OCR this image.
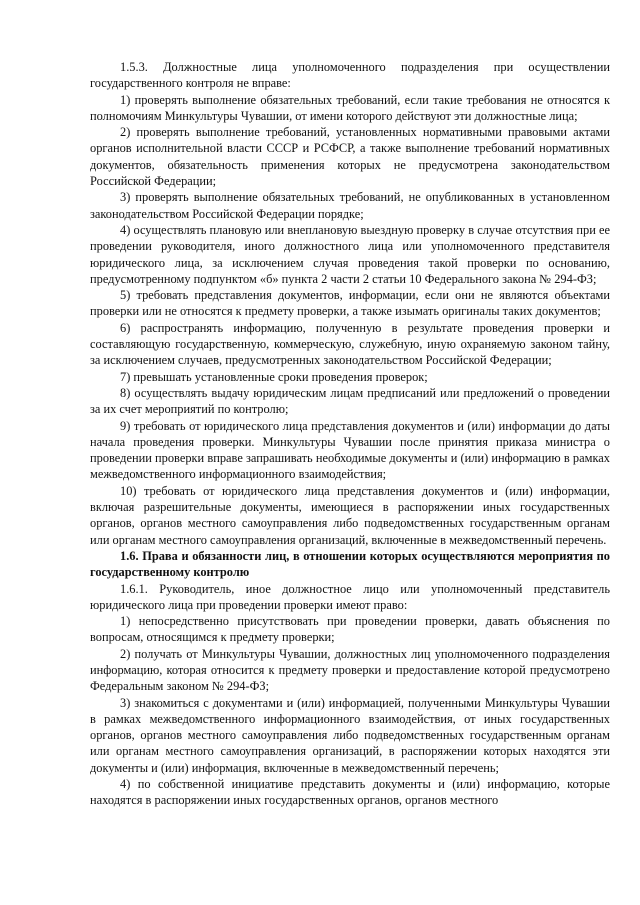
1.5.3. Должностные лица уполномоченного подразделения при осуществлении государственного контроля не вправе:

1) проверять выполнение обязательных требований, если такие требования не относятся к полномочиям Минкультуры Чувашии, от имени которого действуют эти должностные лица;

2) проверять выполнение требований, установленных нормативными правовыми актами органов исполнительной власти СССР и РСФСР, а также выполнение требований нормативных документов, обязательность применения которых не предусмотрена законодательством Российской Федерации;

3) проверять выполнение обязательных требований, не опубликованных в установленном законодательством Российской Федерации порядке;

4) осуществлять плановую или внеплановую выездную проверку в случае отсутствия при ее проведении руководителя, иного должностного лица или уполномоченного представителя юридического лица, за исключением случая проведения такой проверки по основанию, предусмотренному подпунктом «б» пункта 2 части 2 статьи 10 Федерального закона № 294-ФЗ;

5) требовать представления документов, информации, если они не являются объектами проверки или не относятся к предмету проверки, а также изымать оригиналы таких документов;

6) распространять информацию, полученную в результате проведения проверки и составляющую государственную, коммерческую, служебную, иную охраняемую законом тайну, за исключением случаев, предусмотренных законодательством Российской Федерации;

7) превышать установленные сроки проведения проверок;

8) осуществлять выдачу юридическим лицам предписаний или предложений о проведении за их счет мероприятий по контролю;

9) требовать от юридического лица представления документов и (или) информации до даты начала проведения проверки. Минкультуры Чувашии после принятия приказа министра о проведении проверки вправе запрашивать необходимые документы и (или) информацию в рамках межведомственного информационного взаимодействия;

10) требовать от юридического лица представления документов и (или) информации, включая разрешительные документы, имеющиеся в распоряжении иных государственных органов, органов местного самоуправления либо подведомственных государственным органам или органам местного самоуправления организаций, включенные в межведомственный перечень.

1.6. Права и обязанности лиц, в отношении которых осуществляются мероприятия по государственному контролю

1.6.1. Руководитель, иное должностное лицо или уполномоченный представитель юридического лица при проведении проверки имеют право:

1) непосредственно присутствовать при проведении проверки, давать объяснения по вопросам, относящимся к предмету проверки;

2) получать от Минкультуры Чувашии, должностных лиц уполномоченного подразделения информацию, которая относится к предмету проверки и предоставление которой предусмотрено Федеральным законом № 294-ФЗ;

3) знакомиться с документами и (или) информацией, полученными Минкультуры Чувашии в рамках межведомственного информационного взаимодействия, от иных государственных органов, органов местного самоуправления либо подведомственных государственным органам или органам местного самоуправления организаций, в распоряжении которых находятся эти документы и (или) информация, включенные в межведомственный перечень;

4) по собственной инициативе представить документы и (или) информацию, которые находятся в распоряжении иных государственных органов, органов местного
